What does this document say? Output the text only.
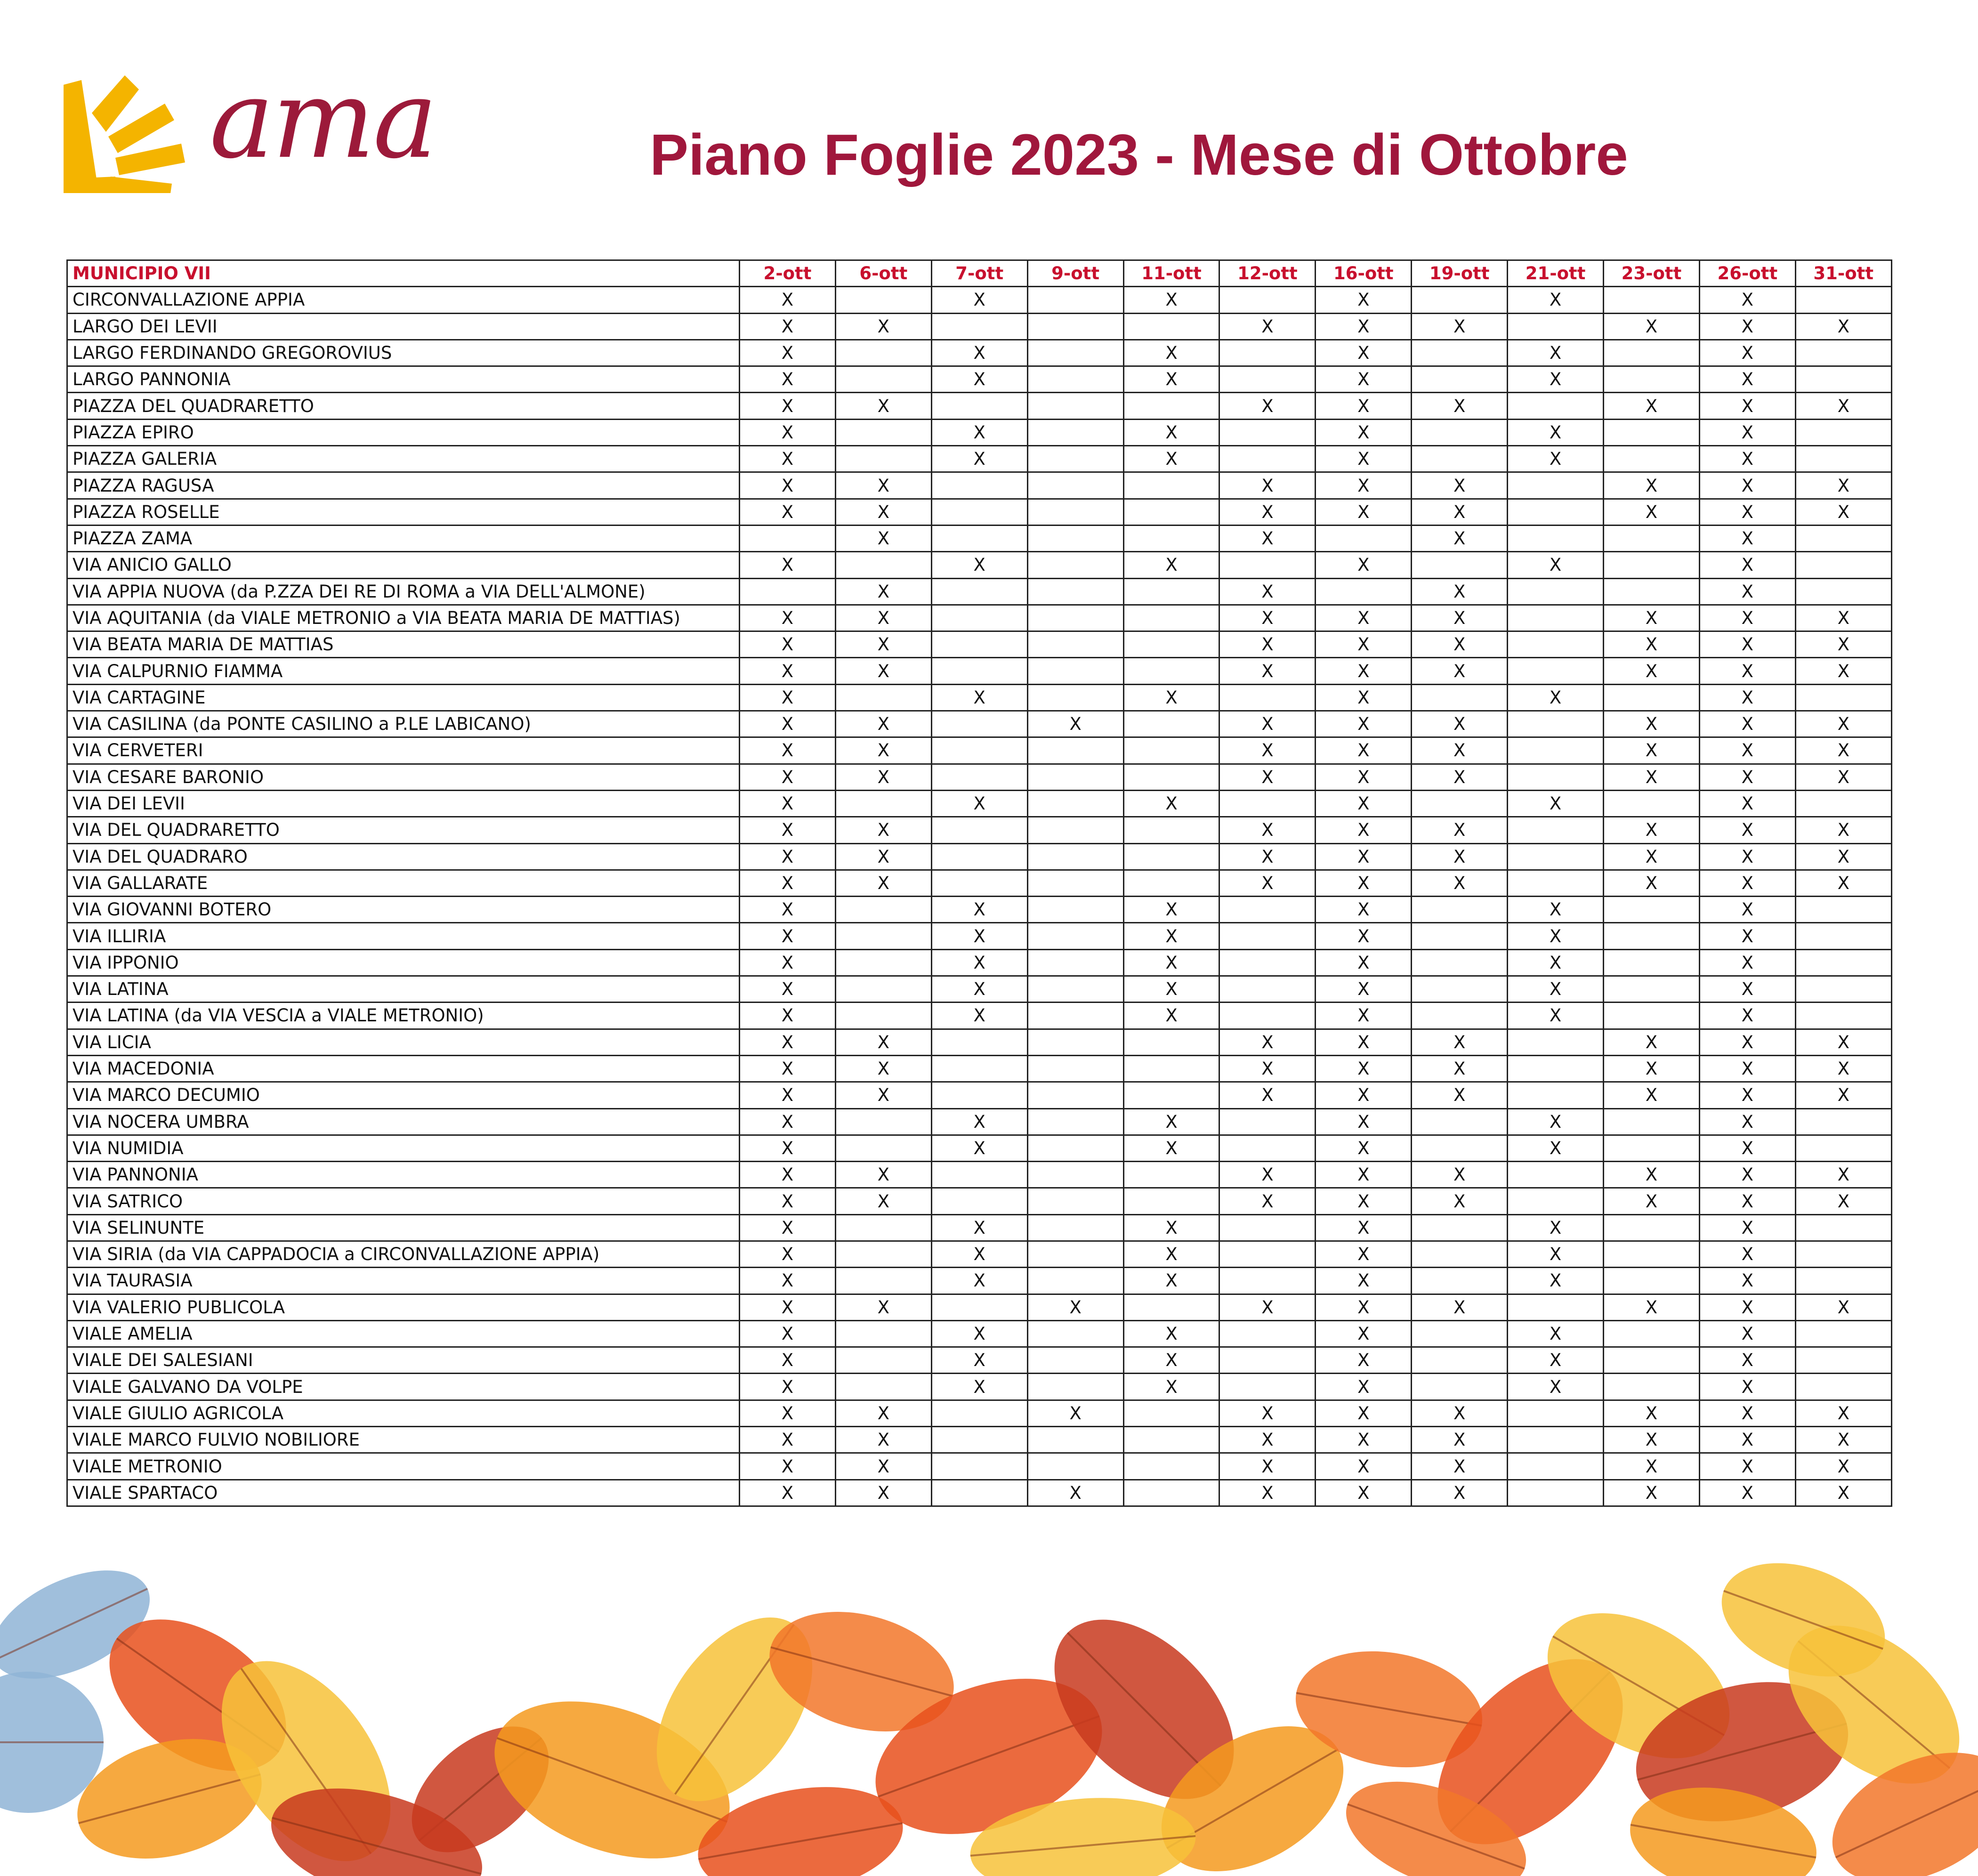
ama	Piano Foglie 2023 - Mese di Ottobre
MUNICIPIO VII	2-ott	6-ott	7-ott	9-ott	11-ott	12-ott	16-ott	19-ott	21-ott	23-ott	26-ott	31-ott
CIRCONVALLAZIONE APPIA	X		X		X		X		X		X	
LARGO DEI LEVII	X	X				X	X	X		X	X	X
LARGO FERDINANDO GREGOROVIUS	X		X		X		X		X		X	
LARGO PANNONIA	X		X		X		X		X		X	
PIAZZA DEL QUADRARETTO	X	X				X	X	X		X	X	X
PIAZZA EPIRO	X		X		X		X		X		X	
PIAZZA GALERIA	X		X		X		X		X		X	
PIAZZA RAGUSA	X	X				X	X	X		X	X	X
PIAZZA ROSELLE	X	X				X	X	X		X	X	X
PIAZZA ZAMA		X				X		X			X	
VIA ANICIO GALLO	X		X		X		X		X		X	
VIA APPIA NUOVA (da P.ZZA DEI RE DI ROMA a VIA DELL'ALMONE)		X				X		X			X	
VIA AQUITANIA (da VIALE METRONIO a VIA BEATA MARIA DE MATTIAS)	X	X				X	X	X		X	X	X
VIA BEATA MARIA DE MATTIAS	X	X				X	X	X		X	X	X
VIA CALPURNIO FIAMMA	X	X				X	X	X		X	X	X
VIA CARTAGINE	X		X		X		X		X		X	
VIA CASILINA (da PONTE CASILINO a P.LE LABICANO)	X	X		X		X	X	X		X	X	X
VIA CERVETERI	X	X				X	X	X		X	X	X
VIA CESARE BARONIO	X	X				X	X	X		X	X	X
VIA DEI LEVII	X		X		X		X		X		X	
VIA DEL QUADRARETTO	X	X				X	X	X		X	X	X
VIA DEL QUADRARO	X	X				X	X	X		X	X	X
VIA GALLARATE	X	X				X	X	X		X	X	X
VIA GIOVANNI BOTERO	X		X		X		X		X		X	
VIA ILLIRIA	X		X		X		X		X		X	
VIA IPPONIO	X		X		X		X		X		X	
VIA LATINA	X		X		X		X		X		X	
VIA LATINA (da VIA VESCIA a VIALE METRONIO)	X		X		X		X		X		X	
VIA LICIA	X	X				X	X	X		X	X	X
VIA MACEDONIA	X	X				X	X	X		X	X	X
VIA MARCO DECUMIO	X	X				X	X	X		X	X	X
VIA NOCERA UMBRA	X		X		X		X		X		X	
VIA NUMIDIA	X		X		X		X		X		X	
VIA PANNONIA	X	X				X	X	X		X	X	X
VIA SATRICO	X	X				X	X	X		X	X	X
VIA SELINUNTE	X		X		X		X		X		X	
VIA SIRIA (da VIA CAPPADOCIA a CIRCONVALLAZIONE APPIA)	X		X		X		X		X		X	
VIA TAURASIA	X		X		X		X		X		X	
VIA VALERIO PUBLICOLA	X	X		X		X	X	X		X	X	X
VIALE AMELIA	X		X		X		X		X		X	
VIALE DEI SALESIANI	X		X		X		X		X		X	
VIALE GALVANO DA VOLPE	X		X		X		X		X		X	
VIALE GIULIO AGRICOLA	X	X		X		X	X	X		X	X	X
VIALE MARCO FULVIO NOBILIORE	X	X				X	X	X		X	X	X
VIALE METRONIO	X	X				X	X	X		X	X	X
VIALE SPARTACO	X	X		X		X	X	X		X	X	X
